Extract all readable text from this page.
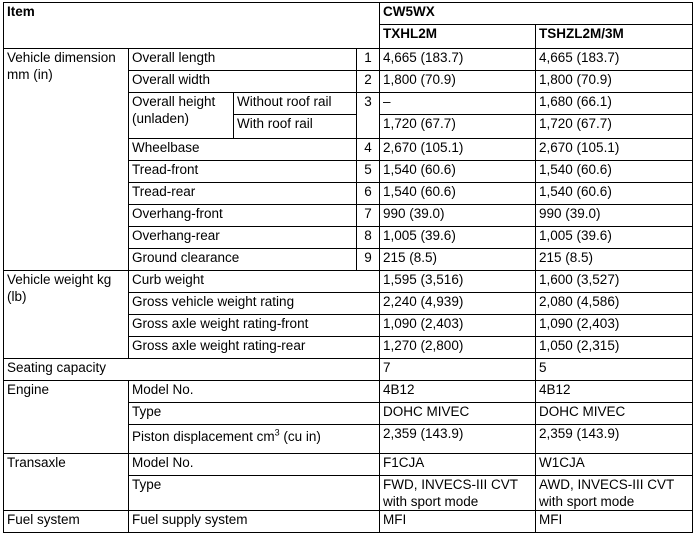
Item				CW5WX	
				TXHL2M	TSHZL2M/3M
Vehicle dimension mm (in)	Overall length		1	4,665 (183.7)	4,665 (183.7)
	Overall width		2	1,800 (70.9)	1,800 (70.9)
	Overall height (unladen)	Without roof rail	3	–	1,680 (66.1)
		With roof rail		1,720 (67.7)	1,720 (67.7)
	Wheelbase		4	2,670 (105.1)	2,670 (105.1)
	Tread-front		5	1,540 (60.6)	1,540 (60.6)
	Tread-rear		6	1,540 (60.6)	1,540 (60.6)
	Overhang-front		7	990 (39.0)	990 (39.0)
	Overhang-rear		8	1,005 (39.6)	1,005 (39.6)
	Ground clearance		9	215 (8.5)	215 (8.5)
Vehicle weight kg (lb)	Curb weight			1,595 (3,516)	1,600 (3,527)
	Gross vehicle weight rating			2,240 (4,939)	2,080 (4,586)
	Gross axle weight rating-front			1,090 (2,403)	1,090 (2,403)
	Gross axle weight rating-rear			1,270 (2,800)	1,050 (2,315)
Seating capacity				7	5
Engine	Model No.			4B12	4B12
	Type			DOHC MIVEC	DOHC MIVEC
	Piston displacement $cm^3$ (cu in)			2,359 (143.9)	2,359 (143.9)
Transaxle	Model No.			F1CJA	W1CJA
	Type			FWD, INVECS-III CVT with sport mode	AWD, INVECS-III CVT with sport mode
Fuel system	Fuel supply system			MFI	MFI
